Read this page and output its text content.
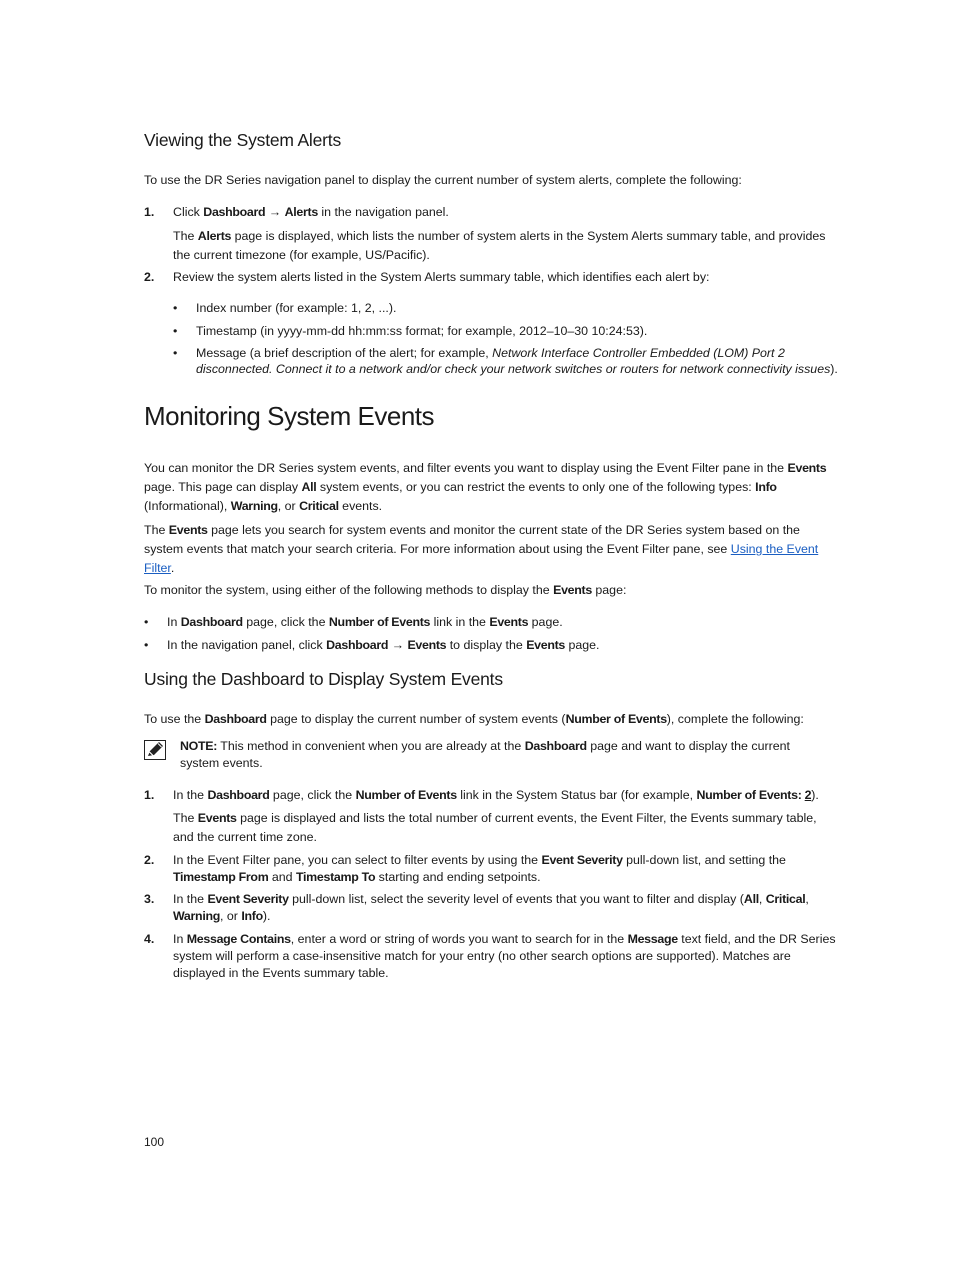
Viewing the System Alerts

To use the DR Series navigation panel to display the current number of system alerts, complete the following:

1. Click Dashboard → Alerts in the navigation panel.

The Alerts page is displayed, which lists the number of system alerts in the System Alerts summary table, and provides the current timezone (for example, US/Pacific).

2. Review the system alerts listed in the System Alerts summary table, which identifies each alert by:

• Index number (for example: 1, 2, ...).

• Timestamp (in yyyy-mm-dd hh:mm:ss format; for example, 2012–10–30 10:24:53).

• Message (a brief description of the alert; for example, Network Interface Controller Embedded (LOM) Port 2 disconnected. Connect it to a network and/or check your network switches or routers for network connectivity issues).

Monitoring System Events

You can monitor the DR Series system events, and filter events you want to display using the Event Filter pane in the Events page. This page can display All system events, or you can restrict the events to only one of the following types: Info (Informational), Warning, or Critical events.

The Events page lets you search for system events and monitor the current state of the DR Series system based on the system events that match your search criteria. For more information about using the Event Filter pane, see Using the Event Filter.

To monitor the system, using either of the following methods to display the Events page:

• In Dashboard page, click the Number of Events link in the Events page.

• In the navigation panel, click Dashboard → Events to display the Events page.

Using the Dashboard to Display System Events

To use the Dashboard page to display the current number of system events (Number of Events), complete the following:

NOTE: This method in convenient when you are already at the Dashboard page and want to display the current system events.

1. In the Dashboard page, click the Number of Events link in the System Status bar (for example, Number of Events: 2).

The Events page is displayed and lists the total number of current events, the Event Filter, the Events summary table, and the current time zone.

2. In the Event Filter pane, you can select to filter events by using the Event Severity pull-down list, and setting the Timestamp From and Timestamp To starting and ending setpoints.

3. In the Event Severity pull-down list, select the severity level of events that you want to filter and display (All, Critical, Warning, or Info).

4. In Message Contains, enter a word or string of words you want to search for in the Message text field, and the DR Series system will perform a case-insensitive match for your entry (no other search options are supported). Matches are displayed in the Events summary table.

100
